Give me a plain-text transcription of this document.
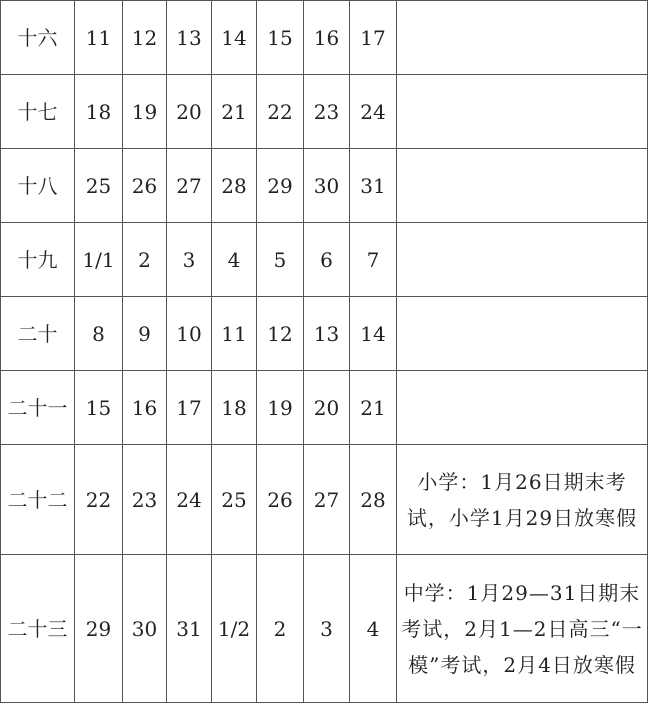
十六	11	12	13	14	15	16	17	
十七	18	19	20	21	22	23	24	
十八	25	26	27	28	29	30	31	
十九	1/1	2	3	4	5	6	7	
二十	8	9	10	11	12	13	14	
二十一	15	16	17	18	19	20	21	
二十二	22	23	24	25	26	27	28	小学：1月26日期末考试，小学1月29日放寒假
二十三	29	30	31	1/2	2	3	4	中学：1月29—31日期末考试，2月1—2日高三“一模”考试，2月4日放寒假
